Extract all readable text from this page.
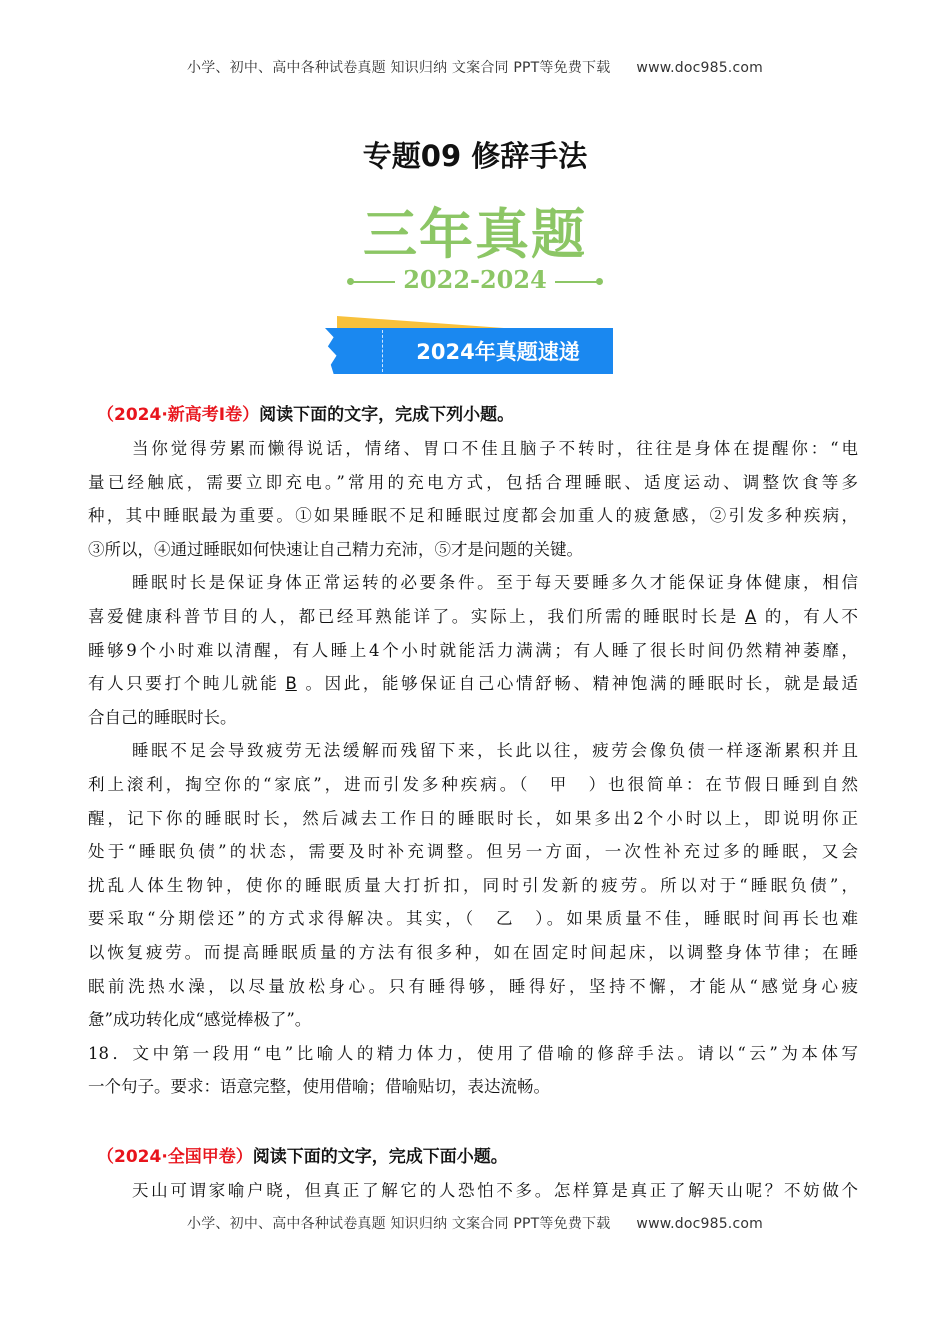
小学、初中、高中各种试卷真题 知识归纳 文案合同 PPT等免费下载 www.doc985.com
专题09 修辞手法
三年真题
2022-2024
2024年真题速递
（2024·新高考Ⅰ卷）阅读下面的文字，完成下列小题。
当你觉得劳累而懒得说话，情绪、胃口不佳且脑子不转时，往往是身体在提醒你：“电
量已经触底，需要立即充电。”常用的充电方式，包括合理睡眠、适度运动、调整饮食等多
种，其中睡眠最为重要。①如果睡眠不足和睡眠过度都会加重人的疲惫感，②引发多种疾病，
③所以，④通过睡眠如何快速让自己精力充沛，⑤才是问题的关键。
睡眠时长是保证身体正常运转的必要条件。至于每天要睡多久才能保证身体健康，相信
喜爱健康科普节目的人，都已经耳熟能详了。实际上，我们所需的睡眠时长是 A 的，有人不
睡够9个小时难以清醒，有人睡上4个小时就能活力满满；有人睡了很长时间仍然精神萎靡，
有人只要打个盹儿就能 B 。因此，能够保证自己心情舒畅、精神饱满的睡眠时长，就是最适
合自己的睡眠时长。
睡眠不足会导致疲劳无法缓解而残留下来，长此以往，疲劳会像负债一样逐渐累积并且
利上滚利，掏空你的“家底”，进而引发多种疾病。（　甲　）也很简单：在节假日睡到自然
醒，记下你的睡眠时长，然后减去工作日的睡眠时长，如果多出2个小时以上，即说明你正
处于“睡眠负债”的状态，需要及时补充调整。但另一方面，一次性补充过多的睡眠，又会
扰乱人体生物钟，使你的睡眠质量大打折扣，同时引发新的疲劳。所以对于“睡眠负债”，
要采取“分期偿还”的方式求得解决。其实，（　乙　）。如果质量不佳，睡眠时间再长也难
以恢复疲劳。而提高睡眠质量的方法有很多种，如在固定时间起床，以调整身体节律；在睡
眠前洗热水澡，以尽量放松身心。只有睡得够，睡得好，坚持不懈，才能从“感觉身心疲
惫”成功转化成“感觉棒极了”。
18．文中第一段用“电”比喻人的精力体力，使用了借喻的修辞手法。请以“云”为本体写
一个句子。要求：语意完整，使用借喻；借喻贴切，表达流畅。
（2024·全国甲卷）阅读下面的文字，完成下面小题。
天山可谓家喻户晓，但真正了解它的人恐怕不多。怎样算是真正了解天山呢？不妨做个
小学、初中、高中各种试卷真题 知识归纳 文案合同 PPT等免费下载 www.doc985.com
